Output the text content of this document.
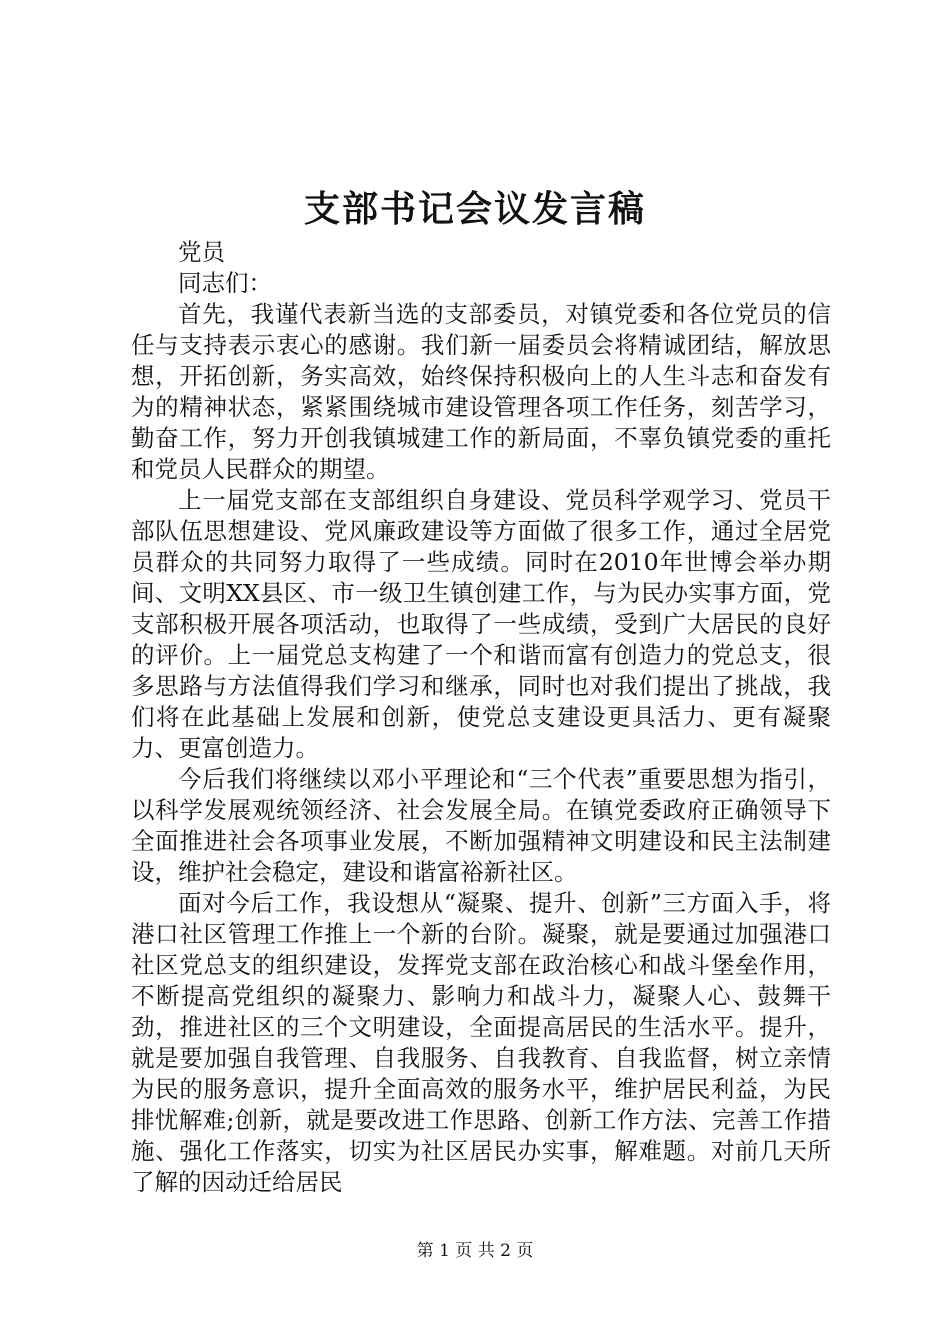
支部书记会议发言稿

党员

同志们：

首先，我谨代表新当选的支部委员，对镇党委和各位党员的信任与支持表示衷心的感谢。我们新一届委员会将精诚团结，解放思想，开拓创新，务实高效，始终保持积极向上的人生斗志和奋发有为的精神状态，紧紧围绕城市建设管理各项工作任务，刻苦学习，勤奋工作，努力开创我镇城建工作的新局面，不辜负镇党委的重托和党员人民群众的期望。

上一届党支部在支部组织自身建设、党员科学观学习、党员干部队伍思想建设、党风廉政建设等方面做了很多工作，通过全居党员群众的共同努力取得了一些成绩。同时在2010年世博会举办期间、文明XX县区、市一级卫生镇创建工作，与为民办实事方面，党支部积极开展各项活动，也取得了一些成绩，受到广大居民的良好的评价。上一届党总支构建了一个和谐而富有创造力的党总支，很多思路与方法值得我们学习和继承，同时也对我们提出了挑战，我们将在此基础上发展和创新，使党总支建设更具活力、更有凝聚力、更富创造力。

今后我们将继续以邓小平理论和“三个代表”重要思想为指引，以科学发展观统领经济、社会发展全局。在镇党委政府正确领导下全面推进社会各项事业发展，不断加强精神文明建设和民主法制建设，维护社会稳定，建设和谐富裕新社区。

面对今后工作，我设想从“凝聚、提升、创新”三方面入手，将港口社区管理工作推上一个新的台阶。凝聚，就是要通过加强港口社区党总支的组织建设，发挥党支部在政治核心和战斗堡垒作用，不断提高党组织的凝聚力、影响力和战斗力，凝聚人心、鼓舞干劲，推进社区的三个文明建设，全面提高居民的生活水平。提升，就是要加强自我管理、自我服务、自我教育、自我监督，树立亲情为民的服务意识，提升全面高效的服务水平，维护居民利益，为民排忧解难;创新，就是要改进工作思路、创新工作方法、完善工作措施、强化工作落实，切实为社区居民办实事，解难题。对前几天所了解的因动迁给居民

第 1 页 共 2 页
